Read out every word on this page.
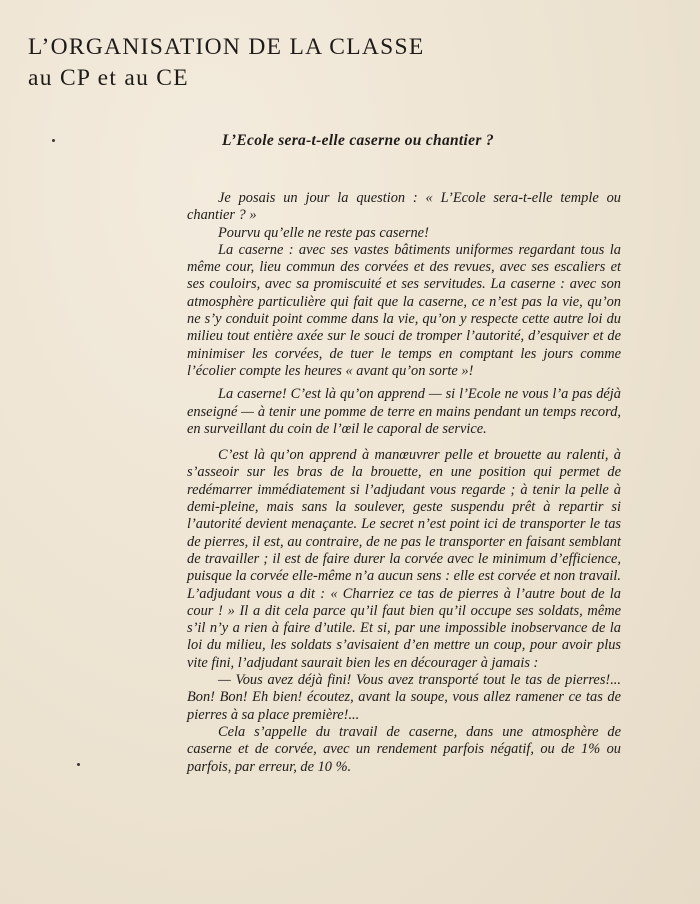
L’ORGANISATION DE LA CLASSE
au CP et au CE
L’Ecole sera-t-elle caserne ou chantier ?

Je posais un jour la question : « L’Ecole sera-t-elle temple ou chantier ? »

Pourvu qu’elle ne reste pas caserne!

La caserne : avec ses vastes bâtiments uniformes regardant tous la même cour, lieu commun des corvées et des revues, avec ses escaliers et ses couloirs, avec sa promiscuité et ses servitudes. La caserne : avec son atmosphère particulière qui fait que la caserne, ce n’est pas la vie, qu’on ne s’y conduit point comme dans la vie, qu’on y respecte cette autre loi du milieu tout entière axée sur le souci de tromper l’autorité, d’esquiver et de minimiser les corvées, de tuer le temps en comptant les jours comme l’écolier compte les heures « avant qu’on sorte »!

La caserne! C’est là qu’on apprend — si l’Ecole ne vous l’a pas déjà enseigné — à tenir une pomme de terre en mains pendant un temps record, en surveillant du coin de l’œil le caporal de service.

C’est là qu’on apprend à manœuvrer pelle et brouette au ralenti, à s’asseoir sur les bras de la brouette, en une position qui permet de redémarrer immédiatement si l’adjudant vous regarde ; à tenir la pelle à demi-pleine, mais sans la soulever, geste suspendu prêt à repartir si l’autorité devient menaçante. Le secret n’est point ici de transporter le tas de pierres, il est, au contraire, de ne pas le transporter en faisant semblant de travailler ; il est de faire durer la corvée avec le minimum d’efficience, puisque la corvée elle-même n’a aucun sens : elle est corvée et non travail. L’adjudant vous a dit : « Charriez ce tas de pierres à l’autre bout de la cour ! » Il a dit cela parce qu’il faut bien qu’il occupe ses soldats, même s’il n’y a rien à faire d’utile. Et si, par une impossible inobservance de la loi du milieu, les soldats s’avisaient d’en mettre un coup, pour avoir plus vite fini, l’adjudant saurait bien les en décourager à jamais :

— Vous avez déjà fini! Vous avez transporté tout le tas de pierres!... Bon! Bon! Eh bien! écoutez, avant la soupe, vous allez ramener ce tas de pierres à sa place première!...

Cela s’appelle du travail de caserne, dans une atmosphère de caserne et de corvée, avec un rendement parfois négatif, ou de 1% ou parfois, par erreur, de 10 %.
